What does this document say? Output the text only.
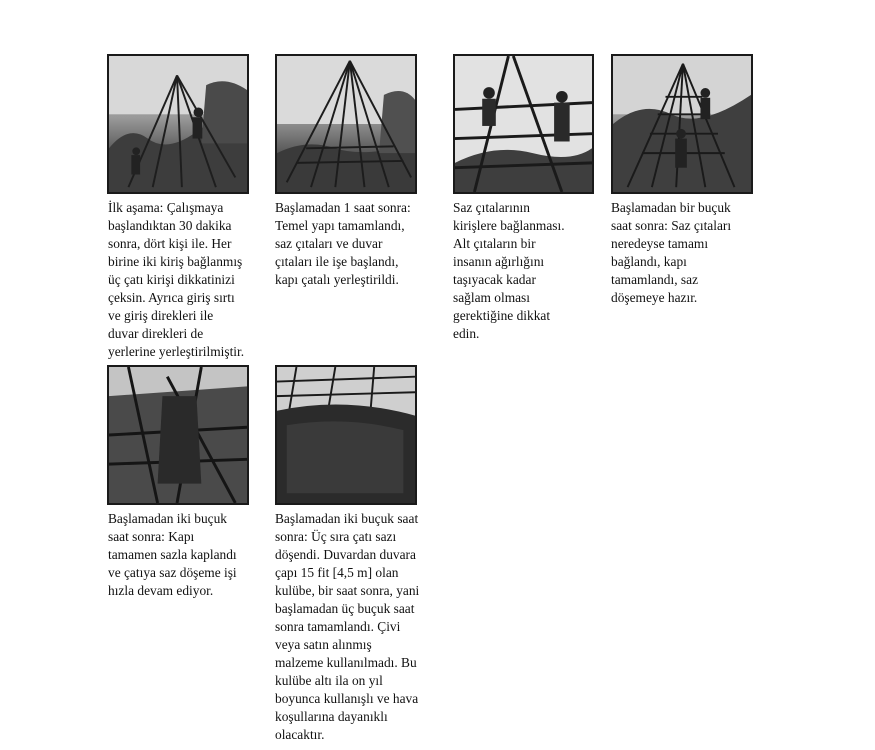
İlk aşama: Çalışmaya
başlandıktan 30 dakika
sonra, dört kişi ile. Her
birine iki kiriş bağlanmış
üç çatı kirişi dikkatinizi
çeksin. Ayrıca giriş sırtı
ve giriş direkleri ile
duvar direkleri de
yerlerine yerleştirilmiştir.
Başlamadan 1 saat sonra:
Temel yapı tamamlandı,
saz çıtaları ve duvar
çıtaları ile işe başlandı,
kapı çatalı yerleştirildi.
Saz çıtalarının
kirişlere bağlanması.
Alt çıtaların bir
insanın ağırlığını
taşıyacak kadar
sağlam olması
gerektiğine dikkat
edin.
Başlamadan bir buçuk
saat sonra: Saz çıtaları
neredeyse tamamı
bağlandı, kapı
tamamlandı, saz
döşemeye hazır.
Başlamadan iki buçuk
saat sonra: Kapı
tamamen sazla kaplandı
ve çatıya saz döşeme işi
hızla devam ediyor.
Başlamadan iki buçuk saat
sonra: Üç sıra çatı sazı
döşendi. Duvardan duvara
çapı 15 fit [4,5 m] olan
kulübe, bir saat sonra, yani
başlamadan üç buçuk saat
sonra tamamlandı. Çivi
veya satın alınmış
malzeme kullanılmadı. Bu
kulübe altı ila on yıl
boyunca kullanışlı ve hava
koşullarına dayanıklı
olacaktır.
